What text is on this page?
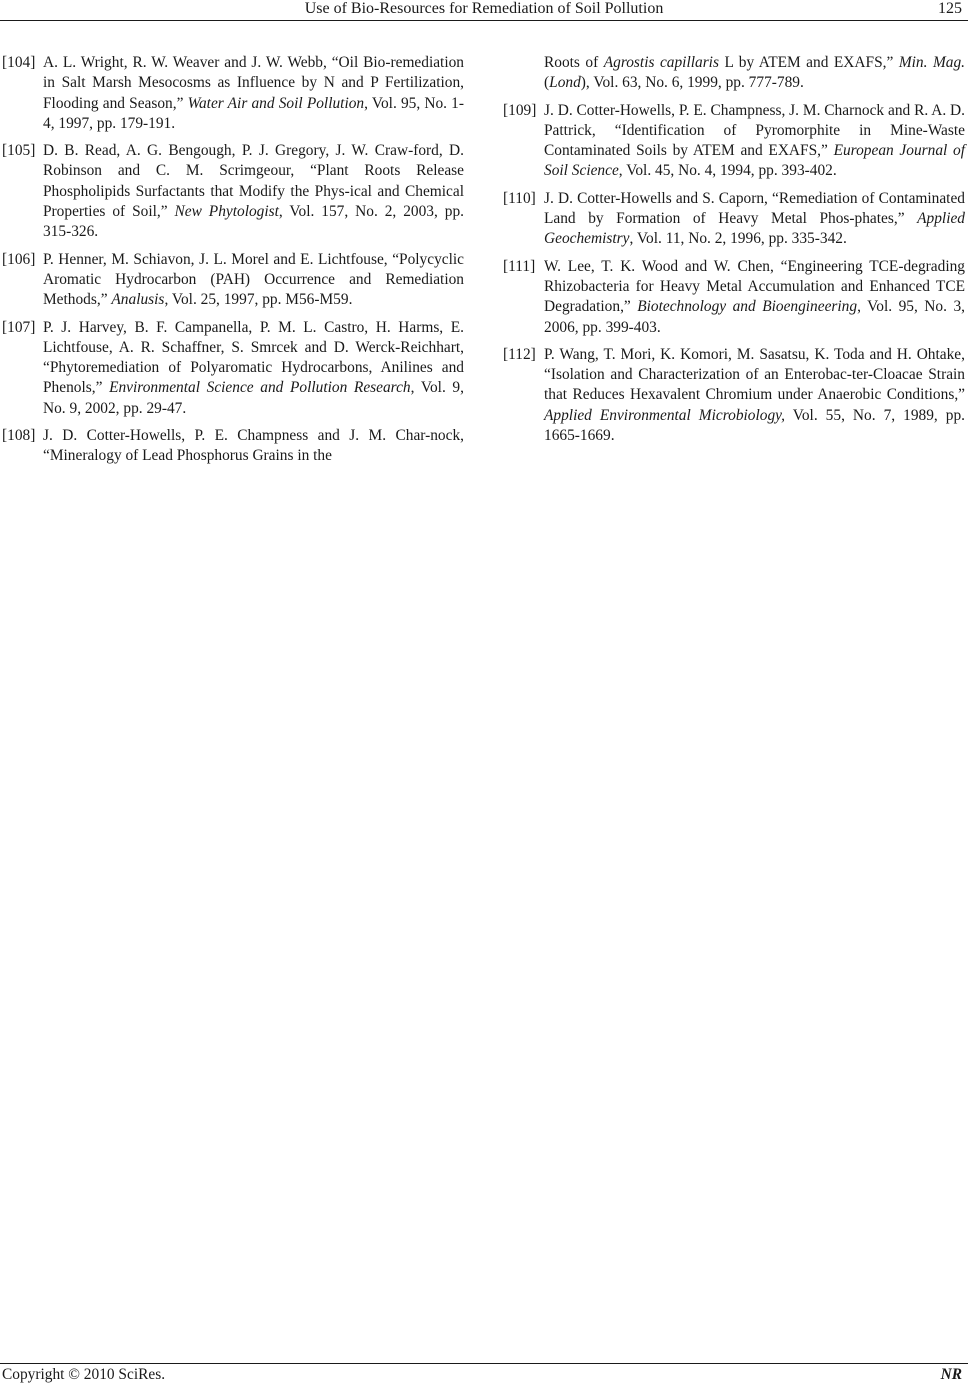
Use of Bio-Resources for Remediation of Soil Pollution	125
[104] A. L. Wright, R. W. Weaver and J. W. Webb, “Oil Bio-remediation in Salt Marsh Mesocosms as Influence by N and P Fertilization, Flooding and Season,” Water Air and Soil Pollution, Vol. 95, No. 1-4, 1997, pp. 179-191.
[105] D. B. Read, A. G. Bengough, P. J. Gregory, J. W. Craw-ford, D. Robinson and C. M. Scrimgeour, “Plant Roots Release Phospholipids Surfactants that Modify the Phys-ical and Chemical Properties of Soil,” New Phytologist, Vol. 157, No. 2, 2003, pp. 315-326.
[106] P. Henner, M. Schiavon, J. L. Morel and E. Lichtfouse, “Polycyclic Aromatic Hydrocarbon (PAH) Occurrence and Remediation Methods,” Analusis, Vol. 25, 1997, pp. M56-M59.
[107] P. J. Harvey, B. F. Campanella, P. M. L. Castro, H. Harms, E. Lichtfouse, A. R. Schaffner, S. Smrcek and D. Werck-Reichhart, “Phytoremediation of Polyaromatic Hydrocarbons, Anilines and Phenols,” Environmental Science and Pollution Research, Vol. 9, No. 9, 2002, pp. 29-47.
[108] J. D. Cotter-Howells, P. E. Champness and J. M. Char-nock, “Mineralogy of Lead Phosphorus Grains in the
Roots of Agrostis capillaris L by ATEM and EXAFS,” Min. Mag. (Lond), Vol. 63, No. 6, 1999, pp. 777-789.
[109] J. D. Cotter-Howells, P. E. Champness, J. M. Charnock and R. A. D. Pattrick, “Identification of Pyromorphite in Mine-Waste Contaminated Soils by ATEM and EXAFS,” European Journal of Soil Science, Vol. 45, No. 4, 1994, pp. 393-402.
[110] J. D. Cotter-Howells and S. Caporn, “Remediation of Contaminated Land by Formation of Heavy Metal Phos-phates,” Applied Geochemistry, Vol. 11, No. 2, 1996, pp. 335-342.
[111] W. Lee, T. K. Wood and W. Chen, “Engineering TCE-degrading Rhizobacteria for Heavy Metal Accumulation and Enhanced TCE Degradation,” Biotechnology and Bioengineering, Vol. 95, No. 3, 2006, pp. 399-403.
[112] P. Wang, T. Mori, K. Komori, M. Sasatsu, K. Toda and H. Ohtake, “Isolation and Characterization of an Enterobac-ter-Cloacae Strain that Reduces Hexavalent Chromium under Anaerobic Conditions,” Applied Environmental Microbiology, Vol. 55, No. 7, 1989, pp. 1665-1669.
Copyright © 2010 SciRes.	NR
